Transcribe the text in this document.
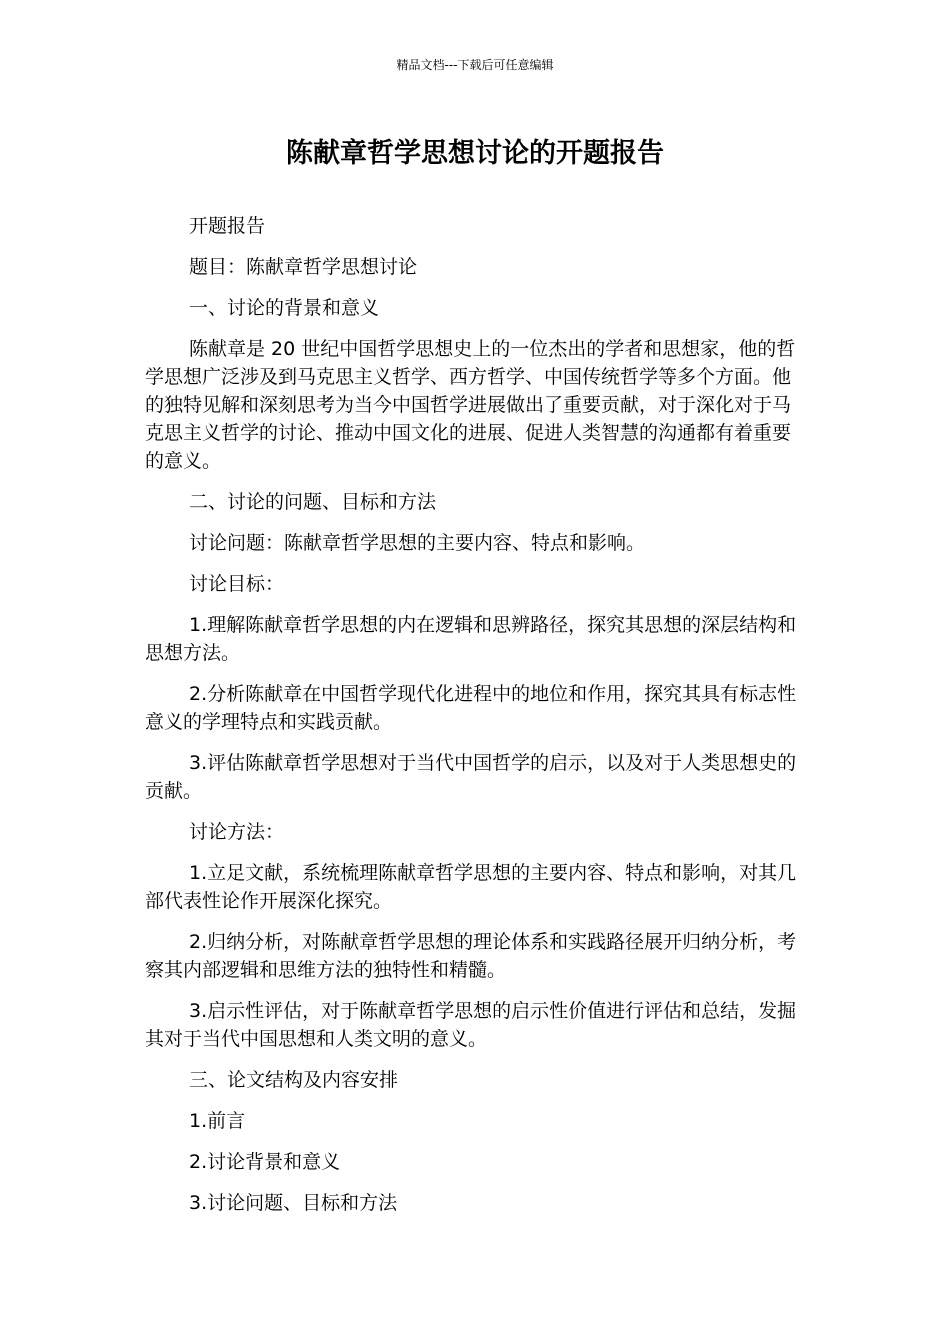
精品文档---下载后可任意编辑
陈献章哲学思想讨论的开题报告

开题报告

题目：陈献章哲学思想讨论

一、讨论的背景和意义

陈献章是 20 世纪中国哲学思想史上的一位杰出的学者和思想家，他的哲学思想广泛涉及到马克思主义哲学、西方哲学、中国传统哲学等多个方面。他的独特见解和深刻思考为当今中国哲学进展做出了重要贡献，对于深化对于马克思主义哲学的讨论、推动中国文化的进展、促进人类智慧的沟通都有着重要的意义。

二、讨论的问题、目标和方法

讨论问题：陈献章哲学思想的主要内容、特点和影响。

讨论目标：

1.理解陈献章哲学思想的内在逻辑和思辨路径，探究其思想的深层结构和思想方法。

2.分析陈献章在中国哲学现代化进程中的地位和作用，探究其具有标志性意义的学理特点和实践贡献。

3.评估陈献章哲学思想对于当代中国哲学的启示，以及对于人类思想史的贡献。

讨论方法：

1.立足文献，系统梳理陈献章哲学思想的主要内容、特点和影响，对其几部代表性论作开展深化探究。

2.归纳分析，对陈献章哲学思想的理论体系和实践路径展开归纳分析，考察其内部逻辑和思维方法的独特性和精髓。

3.启示性评估，对于陈献章哲学思想的启示性价值进行评估和总结，发掘其对于当代中国思想和人类文明的意义。

三、论文结构及内容安排

1.前言

2.讨论背景和意义

3.讨论问题、目标和方法
